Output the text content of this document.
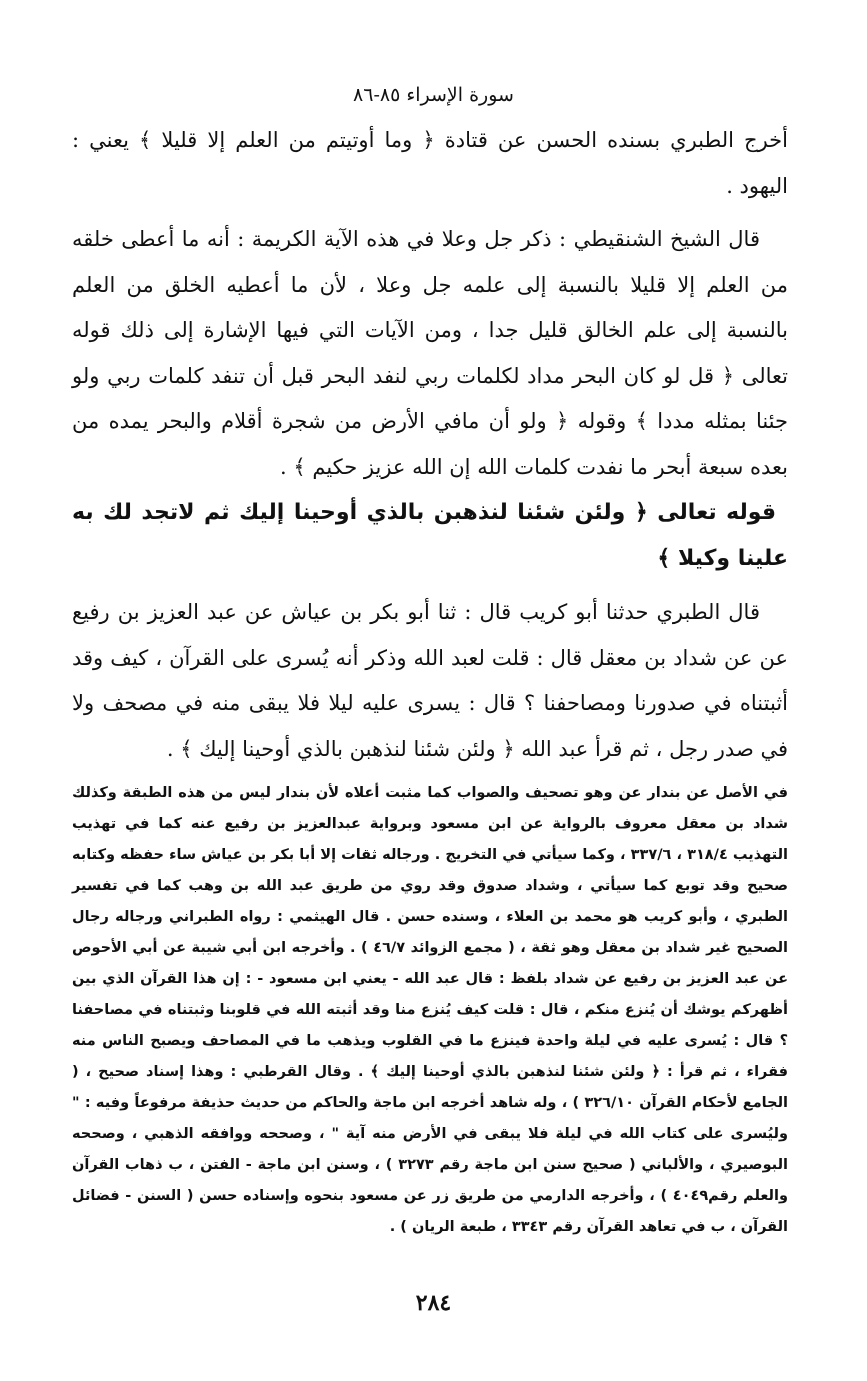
سورة الإسراء ٨٥-٨٦

أخرج الطبري بسنده الحسن عن قتادة ﴿ وما أوتيتم من العلم إلا قليلا ﴾ يعني : اليهود .

قال الشيخ الشنقيطي : ذكر جل وعلا في هذه الآية الكريمة : أنه ما أعطى خلقه من العلم إلا قليلا بالنسبة إلى علمه جل وعلا ، لأن ما أعطيه الخلق من العلم بالنسبة إلى علم الخالق قليل جدا ، ومن الآيات التي فيها الإشارة إلى ذلك قوله تعالى ﴿ قل لو كان البحر مداد لكلمات ربي لنفد البحر قبل أن تنفد كلمات ربي ولو جئنا بمثله مددا ﴾ وقوله ﴿ ولو أن مافي الأرض من شجرة أقلام والبحر يمده من بعده سبعة أبحر ما نفدت كلمات الله إن الله عزيز حكيم ﴾ .

قوله تعالى ﴿ ولئن شئنا لنذهبن بالذي أوحينا إليك ثم لاتجد لك به علينا وكيلا ﴾

قال الطبري حدثنا أبو كريب قال : ثنا أبو بكر بن عياش عن عبد العزيز بن رفيع عن عن شداد بن معقل قال : قلت لعبد الله وذكر أنه يُسرى على القرآن ، كيف وقد أثبتناه في صدورنا ومصاحفنا ؟ قال : يسرى عليه ليلا فلا يبقى منه في مصحف ولا في صدر رجل ، ثم قرأ عبد الله ﴿ ولئن شئنا لنذهبن بالذي أوحينا إليك ﴾ .

في الأصل عن بندار عن وهو تصحيف والصواب كما مثبت أعلاه لأن بندار ليس من هذه الطبقة وكذلك شداد بن معقل معروف بالرواية عن ابن مسعود وبرواية عبدالعزيز بن رفيع عنه كما في تهذيب التهذيب ٣١٨/٤ ، ٣٣٧/٦ ، وكما سيأتي في التخريج . ورجاله ثقات إلا أبا بكر بن عياش ساء حفظه وكتابه صحيح وقد توبع كما سيأتي ، وشداد صدوق وقد روي من طريق عبد الله بن وهب كما في تفسير الطبري ، وأبو كريب هو محمد بن العلاء ، وسنده حسن . قال الهيثمي : رواه الطبراني ورجاله رجال الصحيح غير شداد بن معقل وهو ثقة ، ( مجمع الزوائد ٤٦/٧ ) . وأخرجه ابن أبي شيبة عن أبي الأحوص عن عبد العزيز بن رفيع عن شداد بلفظ : قال عبد الله - يعني ابن مسعود - : إن هذا القرآن الذي بين أظهركم يوشك أن يُنزع منكم ، قال : قلت كيف يُنزع منا وقد أثبته الله في قلوبنا وثبتناه في مصاحفنا ؟ قال : يُسرى عليه في ليلة واحدة فينزع ما في القلوب ويذهب ما في المصاحف ويصبح الناس منه فقراء ، ثم قرأ : ﴿ ولئن شئنا لنذهبن بالذي أوحينا إليك ﴾ . وقال القرطبي : وهذا إسناد صحيح ، ( الجامع لأحكام القرآن ٣٢٦/١٠ ) ، وله شاهد أخرجه ابن ماجة والحاكم من حديث حذيفة مرفوعاً وفيه : " وليُسرى على كتاب الله في ليلة فلا يبقى في الأرض منه آية " ، وصححه ووافقه الذهبي ، وصححه البوصيري ، والألباني ( صحيح سنن ابن ماجة رقم ٣٢٧٣ ) ، وسنن ابن ماجة - الفتن ، ب ذهاب القرآن والعلم رقم٤٠٤٩ ) ، وأخرجه الدارمي من طريق زر عن مسعود بنحوه وإسناده حسن ( السنن - فضائل القرآن ، ب في تعاهد القرآن رقم ٣٣٤٣ ، طبعة الريان ) .
٢٨٤
